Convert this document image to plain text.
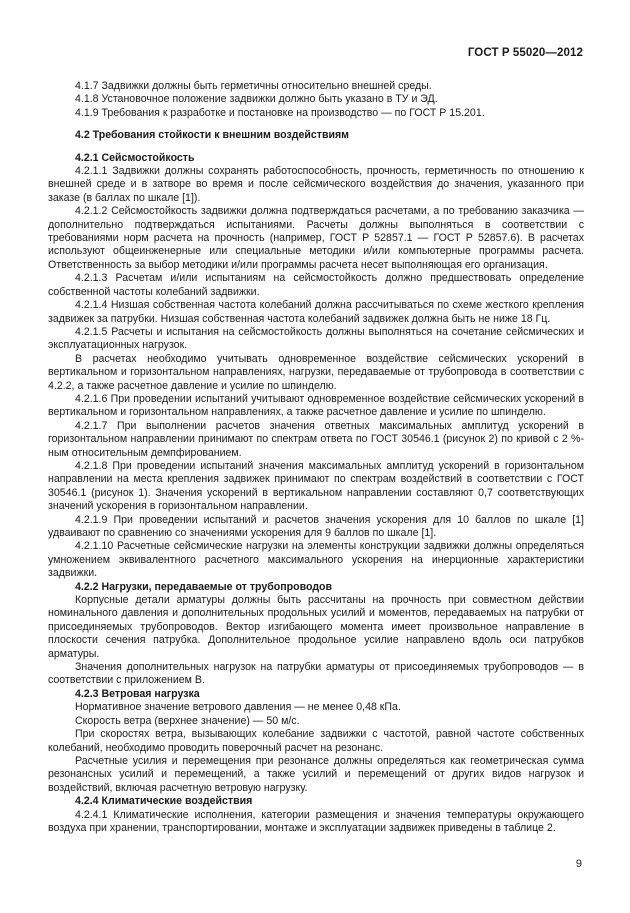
ГОСТ Р 55020—2012

4.1.7 Задвижки должны быть герметичны относительно внешней среды.

4.1.8 Установочное положение задвижки должно быть указано в ТУ и ЭД.

4.1.9 Требования к разработке и постановке на производство — по ГОСТ Р 15.201.

4.2 Требования стойкости к внешним воздействиям
4.2.1 Сейсмостойкость

4.2.1.1 Задвижки должны сохранять работоспособность, прочность, герметичность по отношению к внешней среде и в затворе во время и после сейсмического воздействия до значения, указанного при заказе (в баллах по шкале [1]).

4.2.1.2 Сейсмостойкость задвижки должна подтверждаться расчетами, а по требованию заказчика — дополнительно подтверждаться испытаниями. Расчеты должны выполняться в соответствии с требованиями норм расчета на прочность (например, ГОСТ Р 52857.1 — ГОСТ Р 52857.6). В расчетах используют общеинженерные или специальные методики и/или компьютерные программы расчета. Ответственность за выбор методики и/или программы расчета несет выполняющая его организация.

4.2.1.3 Расчетам и/или испытаниям на сейсмостойкость должно предшествовать определение собственной частоты колебаний задвижки.

4.2.1.4 Низшая собственная частота колебаний должна рассчитываться по схеме жесткого крепления задвижек за патрубки. Низшая собственная частота колебаний задвижек должна быть не ниже 18 Гц.

4.2.1.5 Расчеты и испытания на сейсмостойкость должны выполняться на сочетание сейсмических и эксплуатационных нагрузок.

В расчетах необходимо учитывать одновременное воздействие сейсмических ускорений в вертикальном и горизонтальном направлениях, нагрузки, передаваемые от трубопровода в соответствии с 4.2.2, а также расчетное давление и усилие по шпинделю.

4.2.1.6 При проведении испытаний учитывают одновременное воздействие сейсмических ускорений в вертикальном и горизонтальном направлениях, а также расчетное давление и усилие по шпинделю.

4.2.1.7 При выполнении расчетов значения ответных максимальных амплитуд ускорений в горизонтальном направлении принимают по спектрам ответа по ГОСТ 30546.1 (рисунок 2) по кривой с 2 %-ным относительным демпфированием.

4.2.1.8 При проведении испытаний значения максимальных амплитуд ускорений в горизонтальном направлении на места крепления задвижек принимают по спектрам воздействий в соответствии с ГОСТ 30546.1 (рисунок 1). Значения ускорений в вертикальном направлении составляют 0,7 соответствующих значений ускорения в горизонтальном направлении.

4.2.1.9 При проведении испытаний и расчетов значения ускорения для 10 баллов по шкале [1] удваивают по сравнению со значениями ускорения для 9 баллов по шкале [1].

4.2.1.10 Расчетные сейсмические нагрузки на элементы конструкции задвижки должны определяться умножением эквивалентного расчетного максимального ускорения на инерционные характеристики задвижки.

4.2.2 Нагрузки, передаваемые от трубопроводов

Корпусные детали арматуры должны быть рассчитаны на прочность при совместном действии номинального давления и дополнительных продольных усилий и моментов, передаваемых на патрубки от присоединяемых трубопроводов. Вектор изгибающего момента имеет произвольное направление в плоскости сечения патрубка. Дополнительное продольное усилие направлено вдоль оси патрубков арматуры.

Значения дополнительных нагрузок на патрубки арматуры от присоединяемых трубопроводов — в соответствии с приложением В.

4.2.3 Ветровая нагрузка

Нормативное значение ветрового давления — не менее 0,48 кПа.

Скорость ветра (верхнее значение) — 50 м/с.

При скоростях ветра, вызывающих колебание задвижки с частотой, равной частоте собственных колебаний, необходимо проводить поверочный расчет на резонанс.

Расчетные усилия и перемещения при резонансе должны определяться как геометрическая сумма резонансных усилий и перемещений, а также усилий и перемещений от других видов нагрузок и воздействий, включая расчетную ветровую нагрузку.

4.2.4 Климатические воздействия

4.2.4.1 Климатические исполнения, категории размещения и значения температуры окружающего воздуха при хранении, транспортировании, монтаже и эксплуатации задвижек приведены в таблице 2.

9
